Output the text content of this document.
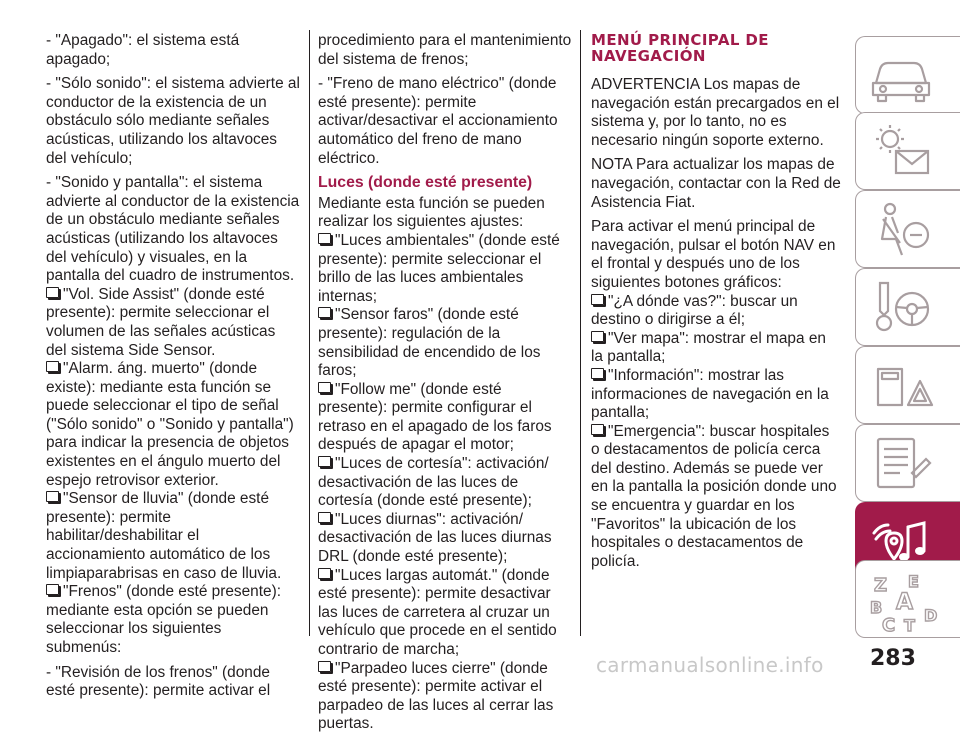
- "Apagado": el sistema está apagado;

- "Sólo sonido": el sistema advierte al conductor de la existencia de un obstáculo sólo mediante señales acústicas, utilizando los altavoces del vehículo;

- "Sonido y pantalla": el sistema advierte al conductor de la existencia de un obstáculo mediante señales acústicas (utilizando los altavoces del vehículo) y visuales, en la pantalla del cuadro de instrumentos.

"Vol. Side Assist" (donde esté presente): permite seleccionar el volumen de las señales acústicas del sistema Side Sensor.

"Alarm. áng. muerto" (donde existe): mediante esta función se puede seleccionar el tipo de señal ("Sólo sonido" o "Sonido y pantalla") para indicar la presencia de objetos existentes en el ángulo muerto del espejo retrovisor exterior.

"Sensor de lluvia" (donde esté presente): permite habilitar/deshabilitar el accionamiento automático de los limpiaparabrisas en caso de lluvia.

"Frenos" (donde esté presente): mediante esta opción se pueden seleccionar los siguientes submenús:

- "Revisión de los frenos" (donde esté presente): permite activar el

procedimiento para el mantenimiento del sistema de frenos;

- "Freno de mano eléctrico" (donde esté presente): permite activar/desactivar el accionamiento automático del freno de mano eléctrico.

Luces (donde esté presente)

Mediante esta función se pueden realizar los siguientes ajustes:

"Luces ambientales" (donde esté presente): permite seleccionar el brillo de las luces ambientales internas;

"Sensor faros" (donde esté presente): regulación de la sensibilidad de encendido de los faros;

"Follow me" (donde esté presente): permite configurar el retraso en el apagado de los faros después de apagar el motor;

"Luces de cortesía": activación/ desactivación de las luces de cortesía (donde esté presente);

"Luces diurnas": activación/ desactivación de las luces diurnas DRL (donde esté presente);

"Luces largas automát." (donde esté presente): permite desactivar las luces de carretera al cruzar un vehículo que procede en el sentido contrario de marcha;

"Parpadeo luces cierre" (donde esté presente): permite activar el parpadeo de las luces al cerrar las puertas.

MENÚ PRINCIPAL DE NAVEGACIÓN

ADVERTENCIA Los mapas de navegación están precargados en el sistema y, por lo tanto, no es necesario ningún soporte externo.

NOTA Para actualizar los mapas de navegación, contactar con la Red de Asistencia Fiat.

Para activar el menú principal de navegación, pulsar el botón NAV en el frontal y después uno de los siguientes botones gráficos:

"¿A dónde vas?": buscar un destino o dirigirse a él;

"Ver mapa": mostrar el mapa en la pantalla;

"Información": mostrar las informaciones de navegación en la pantalla;

"Emergencia": buscar hospitales o destacamentos de policía cerca del destino. Además se puede ver en la pantalla la posición donde uno se encuentra y guardar en los "Favoritos" la ubicación de los hospitales o destacamentos de policía.

Z E
A
B
C T
D
283
carmanualsonline.info
